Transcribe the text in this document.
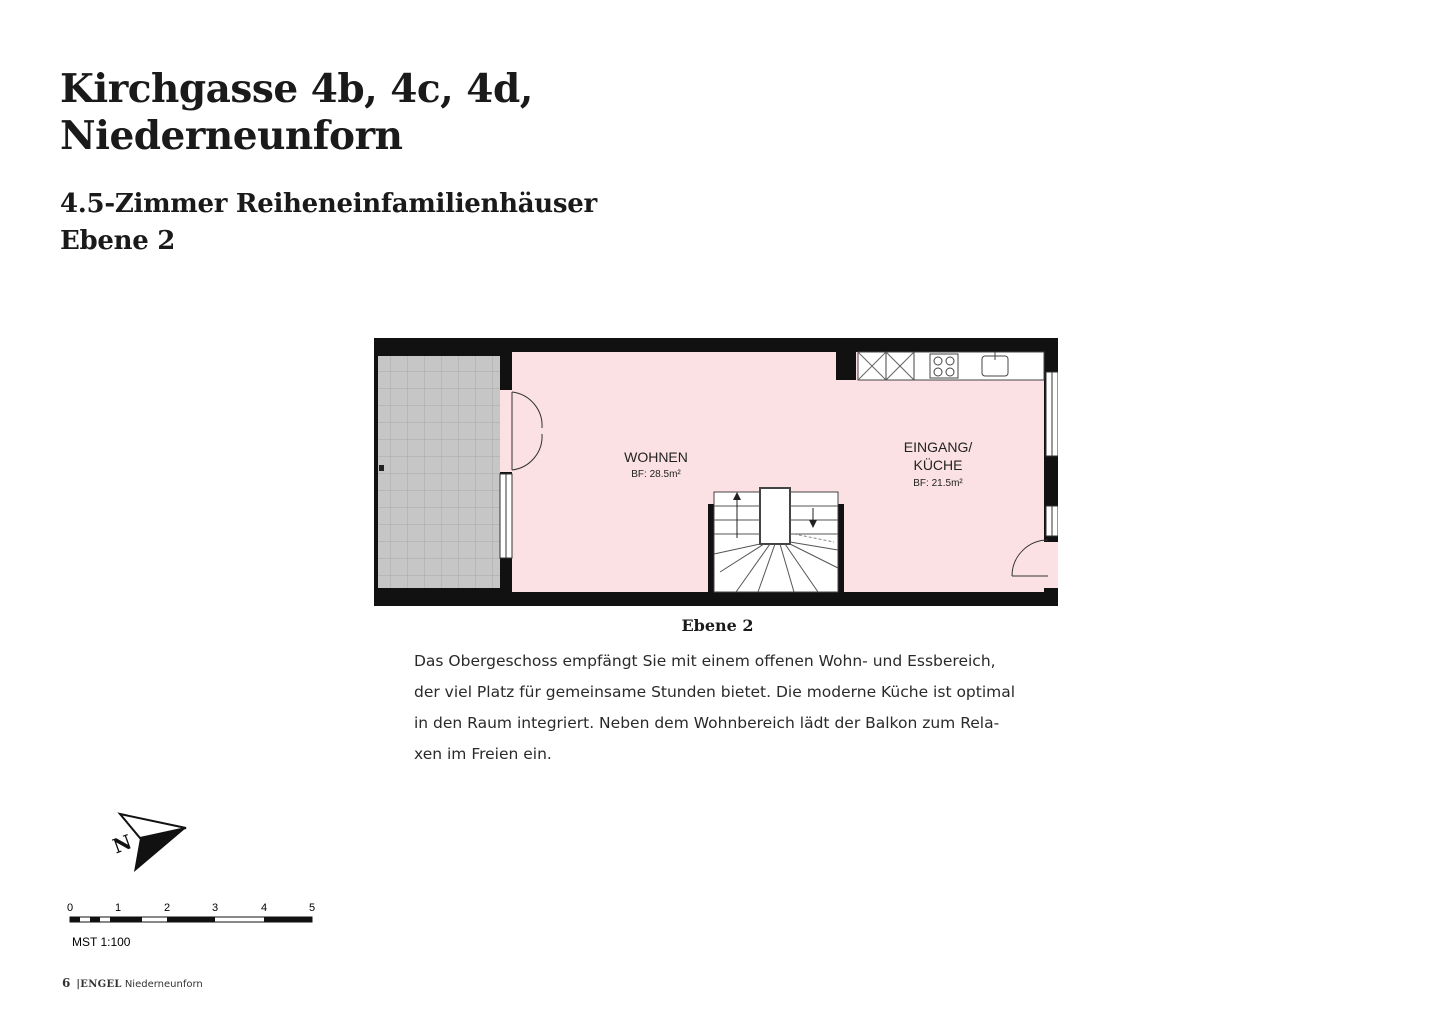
Kirchgasse 4b, 4c, 4d,
Niederneunforn
4.5-Zimmer Reiheneinfamilienhäuser
Ebene 2
WOHNEN
BF: 28.5m²
EINGANG/
KÜCHE
BF: 21.5m²
Ebene 2

Das Obergeschoss empfängt Sie mit einem offenen Wohn- und Essbereich,

der viel Platz für gemeinsame Stunden bietet. Die moderne Küche ist optimal

in den Raum integriert. Neben dem Wohnbereich lädt der Balkon zum Rela-

xen im Freien ein.

N
0	1	2	3	4	5
MST 1:100
6 |ENGEL Niederneunforn
